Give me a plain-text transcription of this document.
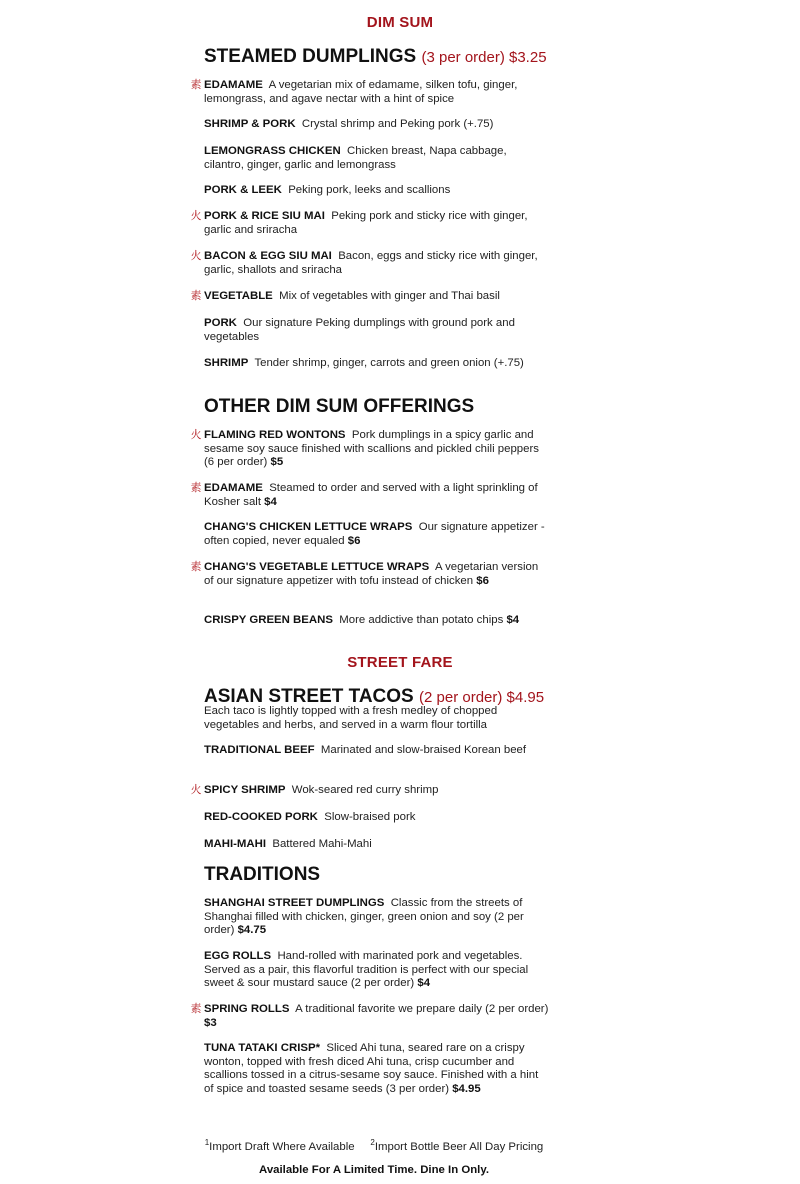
DIM SUM
STEAMED DUMPLINGS (3 per order) $3.25
素 EDAMAME A vegetarian mix of edamame, silken tofu, ginger, lemongrass, and agave nectar with a hint of spice
SHRIMP & PORK Crystal shrimp and Peking pork (+.75)
LEMONGRASS CHICKEN Chicken breast, Napa cabbage, cilantro, ginger, garlic and lemongrass
PORK & LEEK Peking pork, leeks and scallions
火 PORK & RICE SIU MAI Peking pork and sticky rice with ginger, garlic and sriracha
火 BACON & EGG SIU MAI Bacon, eggs and sticky rice with ginger, garlic, shallots and sriracha
素 VEGETABLE Mix of vegetables with ginger and Thai basil
PORK Our signature Peking dumplings with ground pork and vegetables
SHRIMP Tender shrimp, ginger, carrots and green onion (+.75)
OTHER DIM SUM OFFERINGS
火 FLAMING RED WONTONS Pork dumplings in a spicy garlic and sesame soy sauce finished with scallions and pickled chili peppers (6 per order) $5
素 EDAMAME Steamed to order and served with a light sprinkling of Kosher salt $4
CHANG'S CHICKEN LETTUCE WRAPS Our signature appetizer - often copied, never equaled $6
素 CHANG'S VEGETABLE LETTUCE WRAPS A vegetarian version of our signature appetizer with tofu instead of chicken $6
CRISPY GREEN BEANS More addictive than potato chips $4
STREET FARE
ASIAN STREET TACOS (2 per order) $4.95
Each taco is lightly topped with a fresh medley of chopped vegetables and herbs, and served in a warm flour tortilla
TRADITIONAL BEEF Marinated and slow-braised Korean beef
火 SPICY SHRIMP Wok-seared red curry shrimp
RED-COOKED PORK Slow-braised pork
MAHI-MAHI Battered Mahi-Mahi
TRADITIONS
SHANGHAI STREET DUMPLINGS Classic from the streets of Shanghai filled with chicken, ginger, green onion and soy (2 per order) $4.75
EGG ROLLS Hand-rolled with marinated pork and vegetables. Served as a pair, this flavorful tradition is perfect with our special sweet & sour mustard sauce (2 per order) $4
素 SPRING ROLLS A traditional favorite we prepare daily (2 per order) $3
TUNA TATAKI CRISP* Sliced Ahi tuna, seared rare on a crispy wonton, topped with fresh diced Ahi tuna, crisp cucumber and scallions tossed in a citrus-sesame soy sauce. Finished with a hint of spice and toasted sesame seeds (3 per order) $4.95
$^1$Import Draft Where Available $^2$Import Bottle Beer All Day Pricing
Available For A Limited Time. Dine In Only.
